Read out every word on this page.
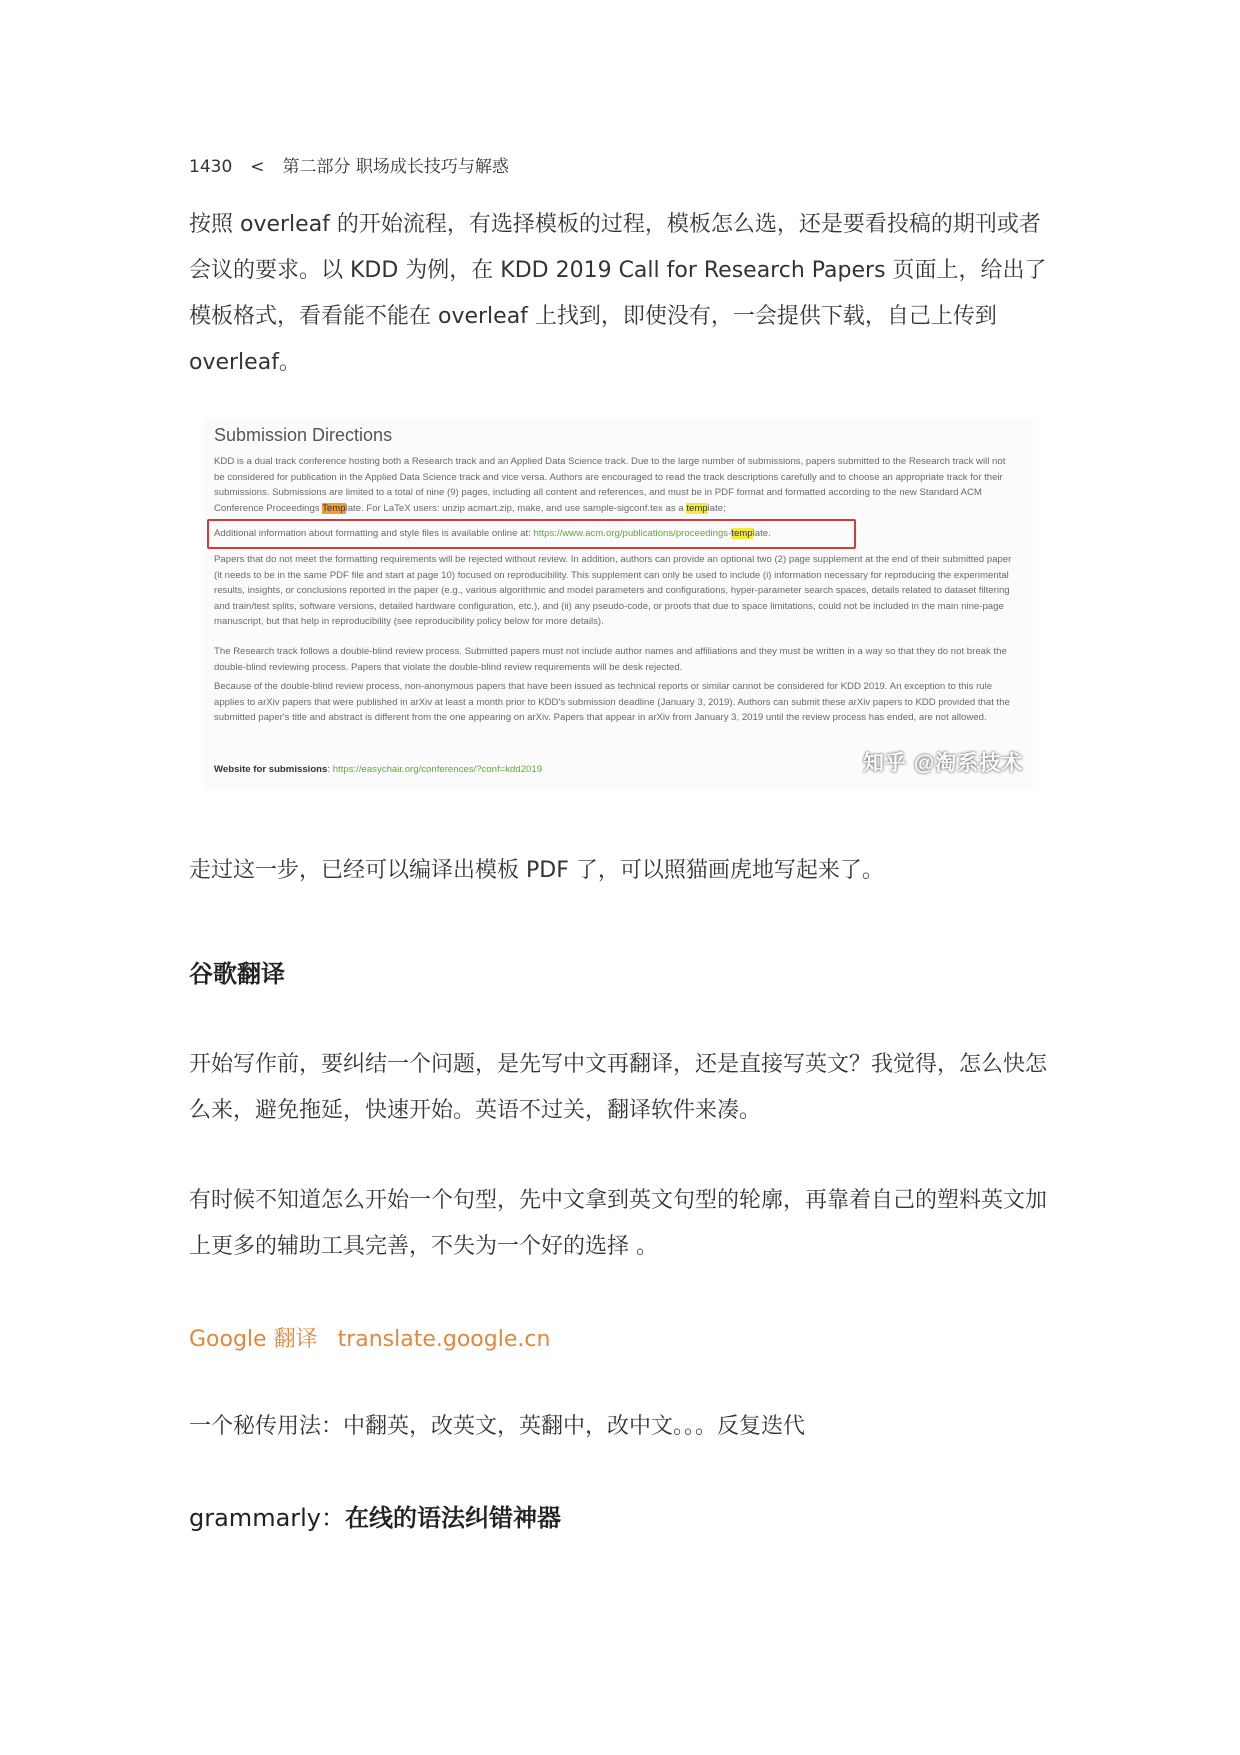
1430 < 第二部分 职场成长技巧与解惑
按照 overleaf 的开始流程，有选择模板的过程，模板怎么选，还是要看投稿的期刊或者会议的要求。以 KDD 为例，在 KDD 2019 Call for Research Papers 页面上，给出了模板格式，看看能不能在 overleaf 上找到，即使没有，一会提供下载，自己上传到 overleaf。
Submission Directions
KDD is a dual track conference hosting both a Research track and an Applied Data Science track. Due to the large number of submissions, papers submitted to the Research track will not be considered for publication in the Applied Data Science track and vice versa. Authors are encouraged to read the track descriptions carefully and to choose an appropriate track for their submissions. Submissions are limited to a total of nine (9) pages, including all content and references, and must be in PDF format and formatted according to the new Standard ACM Conference Proceedings Template. For LaTeX users: unzip acmart.zip, make, and use sample-sigconf.tex as a template;
Additional information about formatting and style files is available online at: https://www.acm.org/publications/proceedings-template.
Papers that do not meet the formatting requirements will be rejected without review. In addition, authors can provide an optional two (2) page supplement at the end of their submitted paper (it needs to be in the same PDF file and start at page 10) focused on reproducibility. This supplement can only be used to include (i) information necessary for reproducing the experimental results, insights, or conclusions reported in the paper (e.g., various algorithmic and model parameters and configurations, hyper-parameter search spaces, details related to dataset filtering and train/test splits, software versions, detailed hardware configuration, etc.), and (ii) any pseudo-code, or proofs that due to space limitations, could not be included in the main nine-page manuscript, but that help in reproducibility (see reproducibility policy below for more details).
The Research track follows a double-blind review process. Submitted papers must not include author names and affiliations and they must be written in a way so that they do not break the double-blind reviewing process. Papers that violate the double-blind review requirements will be desk rejected.
Because of the double-blind review process, non-anonymous papers that have been issued as technical reports or similar cannot be considered for KDD 2019. An exception to this rule applies to arXiv papers that were published in arXiv at least a month prior to KDD's submission deadline (January 3, 2019). Authors can submit these arXiv papers to KDD provided that the submitted paper's title and abstract is different from the one appearing on arXiv. Papers that appear in arXiv from January 3, 2019 until the review process has ended, are not allowed.
Website for submissions: https://easychair.org/conferences/?conf=kdd2019	知乎 @淘系技术
走过这一步，已经可以编译出模板 PDF 了，可以照猫画虎地写起来了。
谷歌翻译
开始写作前，要纠结一个问题，是先写中文再翻译，还是直接写英文？我觉得，怎么快怎么来，避免拖延，快速开始。英语不过关，翻译软件来凑。
有时候不知道怎么开始一个句型，先中文拿到英文句型的轮廓，再靠着自己的塑料英文加上更多的辅助工具完善，不失为一个好的选择 。
Google 翻译 translate.google.cn
一个秘传用法：中翻英，改英文，英翻中，改中文。。。反复迭代
grammarly：在线的语法纠错神器
